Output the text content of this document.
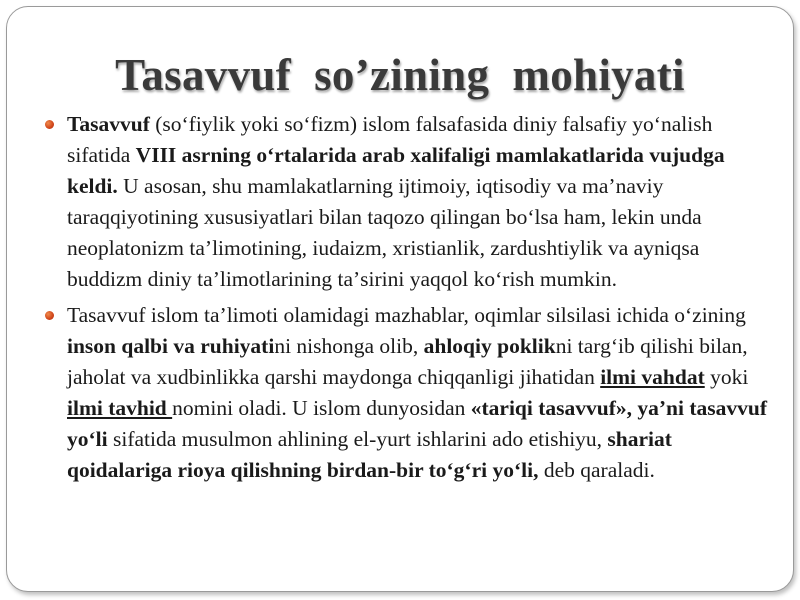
Tasavvuf  so’zining  mohiyati

Tasavvuf (soʻfiylik yoki soʻfizm) islom falsafasida diniy falsafiy yoʻnalish sifatida VIII asrning oʻrtalarida arab xalifaligi mamlakatlarida vujudga keldi. U asosan, shu mamlakatlarning ijtimoiy, iqtisodiy va maʼnaviy taraqqiyotining xususiyatlari bilan taqozo qilingan boʻlsa ham, lekin unda neoplatonizm taʼlimotining, iudaizm, xristianlik, zardushtiylik va ayniqsa buddizm diniy taʼlimotlarining taʼsirini yaqqol koʻrish mumkin.

Tasavvuf islom taʼlimoti olamidagi mazhablar, oqimlar silsilasi ichida oʻzining inson qalbi va ruhiyatini nishonga olib, ahloqiy poklikni targʻib qilishi bilan, jaholat va xudbinlikka qarshi maydonga chiqqanligi jihatidan ilmi vahdat yoki ilmi tavhid nomini oladi. U islom dunyosidan «tariqi tasavvuf», yaʼni tasavvuf yoʻli sifatida musulmon ahlining el-yurt ishlarini ado etishiyu, shariat qoidalariga rioya qilishning birdan-bir toʻgʻri yoʻli, deb qaraladi.
